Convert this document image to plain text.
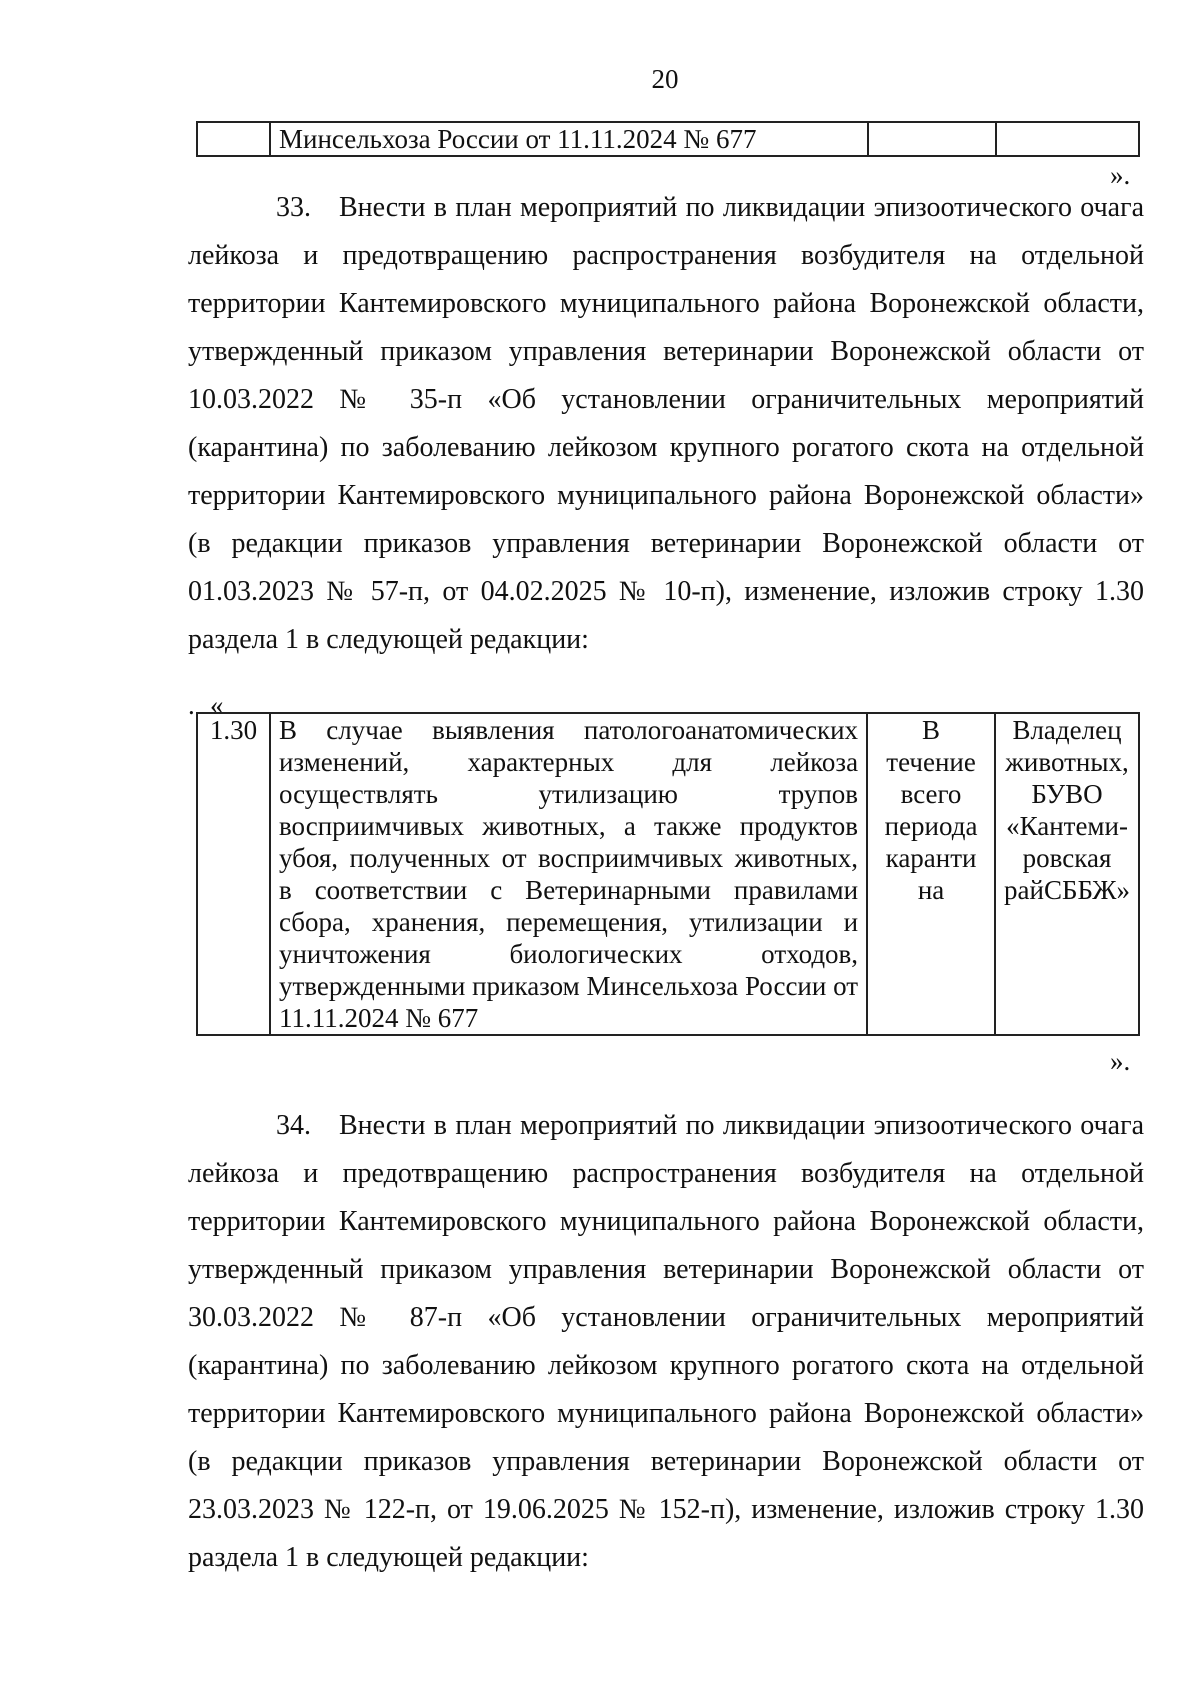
20
	Минсельхоза России от 11.11.2024 № 677		
».

33. Внести в план мероприятий по ликвидации эпизоотического очага лейкоза и предотвращению распространения возбудителя на отдельной территории Кантемировского муниципального района Воронежской области, утвержденный приказом управления ветеринарии Воронежской области от 10.03.2022 № 35-п «Об установлении ограничительных мероприятий (карантина) по заболеванию лейкозом крупного рогатого скота на отдельной территории Кантемировского муниципального района Воронежской области» (в редакции приказов управления ветеринарии Воронежской области от 01.03.2023 № 57-п, от 04.02.2025 № 10-п), изменение, изложив строку 1.30 раздела 1 в следующей редакции:

. «
1.30	В случае выявления патологоанатомических изменений, характерных для лейкоза осуществлять утилизацию трупов восприимчивых животных, а также продуктов убоя, полученных от восприимчивых животных, в соответствии с Ветеринарными правилами сбора, хранения, перемещения, утилизации и уничтожения биологических отходов, утвержденными приказом Минсельхоза России от 11.11.2024 № 677	В течение всего периода каранти на	Владелец животных, БУВО «Кантеми-ровская райСББЖ»
».

34. Внести в план мероприятий по ликвидации эпизоотического очага лейкоза и предотвращению распространения возбудителя на отдельной территории Кантемировского муниципального района Воронежской области, утвержденный приказом управления ветеринарии Воронежской области от 30.03.2022 № 87-п «Об установлении ограничительных мероприятий (карантина) по заболеванию лейкозом крупного рогатого скота на отдельной территории Кантемировского муниципального района Воронежской области» (в редакции приказов управления ветеринарии Воронежской области от 23.03.2023 № 122-п, от 19.06.2025 № 152-п), изменение, изложив строку 1.30 раздела 1 в следующей редакции:
